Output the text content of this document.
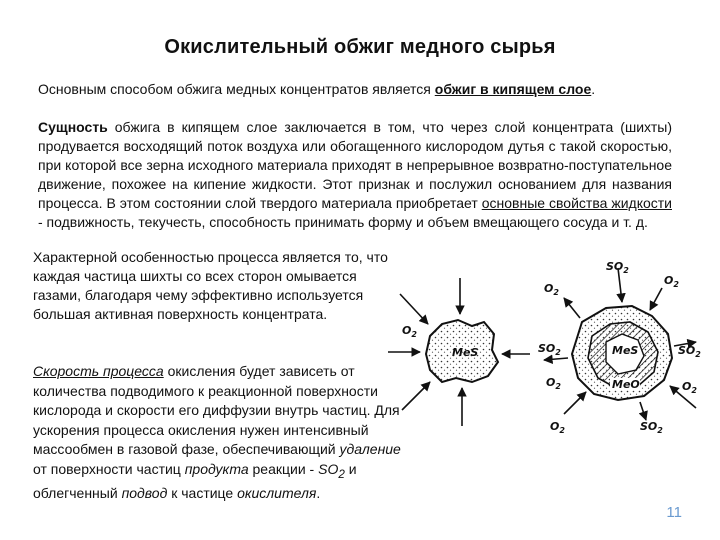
Окислительный обжиг медного сырья
Основным способом обжига медных концентратов является обжиг в кипящем слое.
Сущность обжига в кипящем слое заключается в том, что через слой концентрата (шихты) продувается восходящий поток воздуха или обогащенного кислородом дутья с такой скоростью, при которой все зерна исходного материала приходят в непрерывное возвратно-поступательное движение, похожее на кипение жидкости. Этот признак и послужил основанием для названия процесса. В этом состоянии слой твердого материала приобретает основные свойства жидкости - подвижность, текучесть, способность принимать форму и объем вмещающего сосуда и т. д.
Характерной особенностью процесса является то, что каждая частица шихты со всех сторон омывается газами, благодаря чему эффективно используется большая активная поверхность концентрата.
Скорость процесса окисления будет зависеть от количества подводимого к реакционной поверхности кислорода и скорости его диффузии внутрь частиц. Для ускорения процесса окисления нужен интенсивный массообмен в газовой фазе, обеспечивающий удаление от поверхности частиц продукта реакции - $SO_2$ и облегченный подвод к частице окислителя.
MeS
$O_2$
MeS
MeO
$SO_2$
$O_2$
$O_2$
$SO_2$	$SO_2$
$O_2$
$O_2$
$O_2$
$SO_2$
11
